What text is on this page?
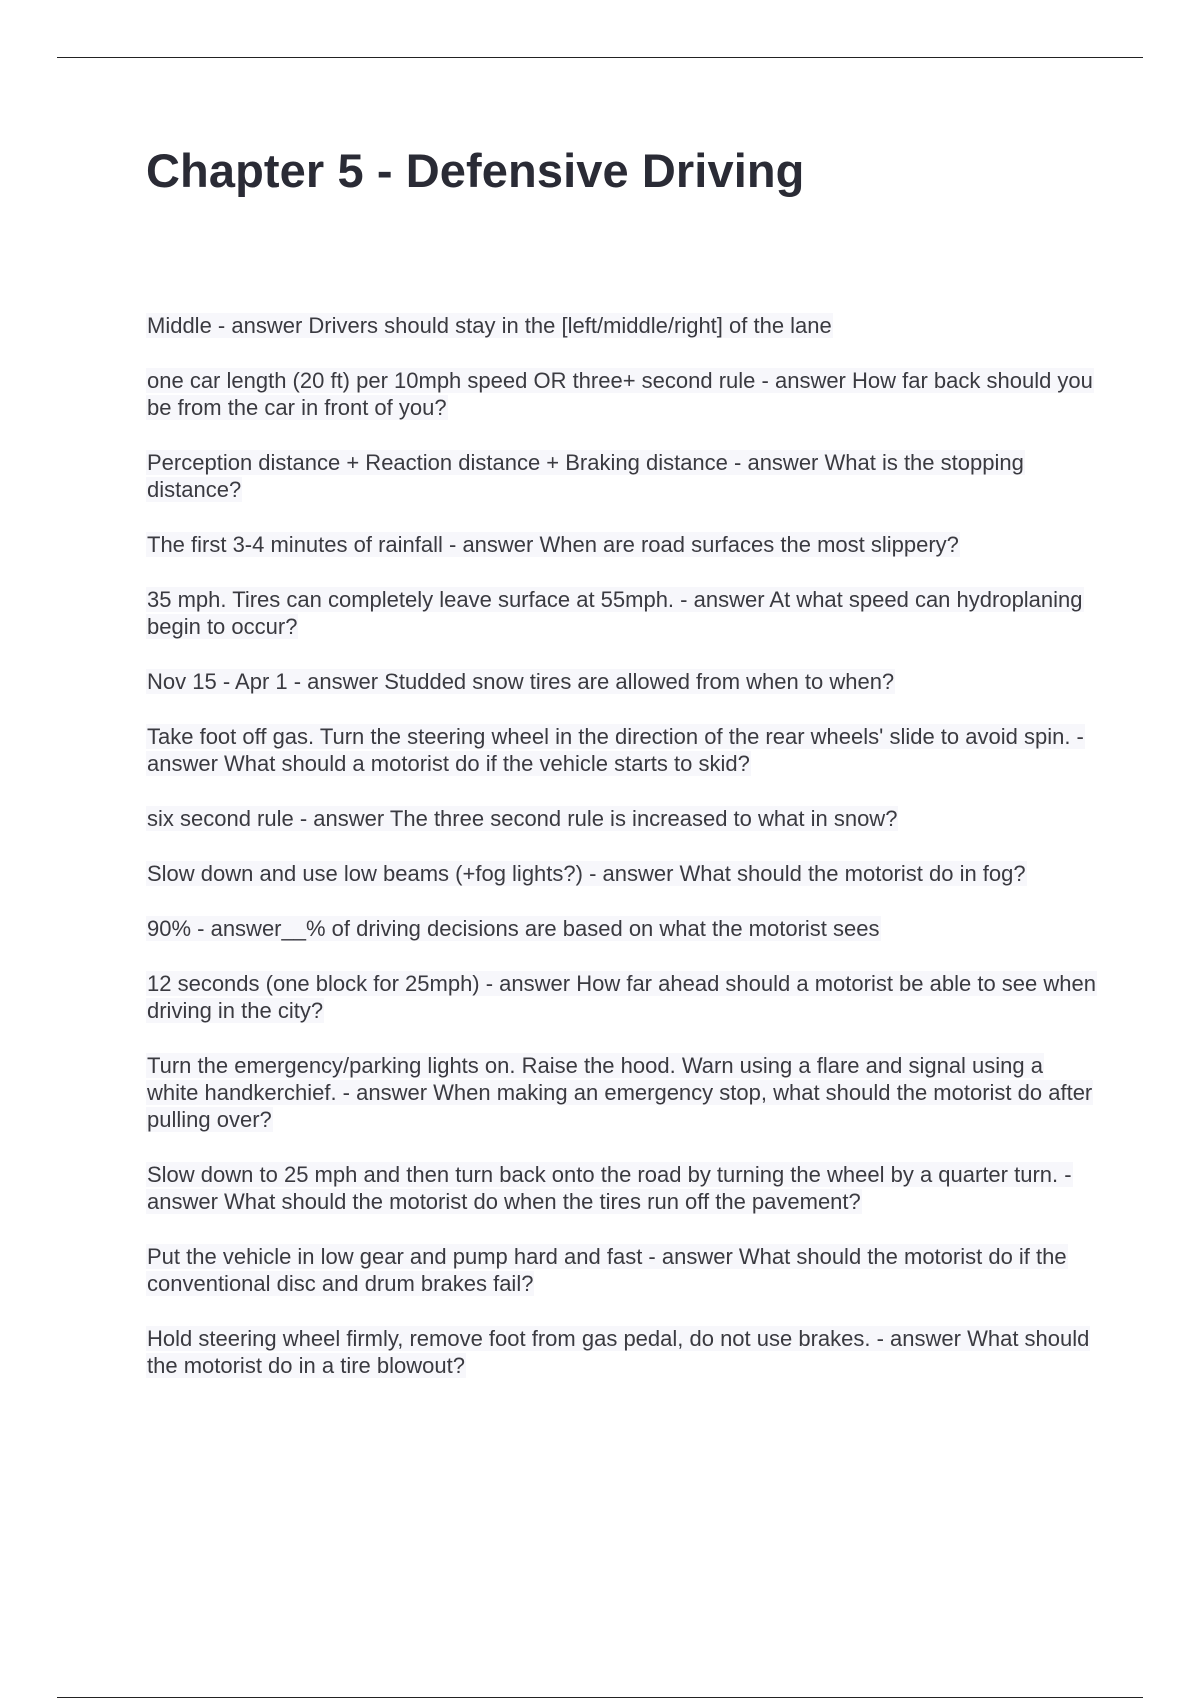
Chapter 5 - Defensive Driving
Middle - answer Drivers should stay in the [left/middle/right] of the lane
one car length (20 ft) per 10mph speed OR three+ second rule - answer How far back should you be from the car in front of you?
Perception distance + Reaction distance + Braking distance - answer What is the stopping distance?
The first 3-4 minutes of rainfall - answer When are road surfaces the most slippery?
35 mph. Tires can completely leave surface at 55mph. - answer At what speed can hydroplaning begin to occur?
Nov 15 - Apr 1 - answer Studded snow tires are allowed from when to when?
Take foot off gas. Turn the steering wheel in the direction of the rear wheels' slide to avoid spin. - answer What should a motorist do if the vehicle starts to skid?
six second rule - answer The three second rule is increased to what in snow?
Slow down and use low beams (+fog lights?) - answer What should the motorist do in fog?
90% - answer__% of driving decisions are based on what the motorist sees
12 seconds (one block for 25mph) - answer How far ahead should a motorist be able to see when driving in the city?
Turn the emergency/parking lights on. Raise the hood. Warn using a flare and signal using a white handkerchief. - answer When making an emergency stop, what should the motorist do after pulling over?
Slow down to 25 mph and then turn back onto the road by turning the wheel by a quarter turn. - answer What should the motorist do when the tires run off the pavement?
Put the vehicle in low gear and pump hard and fast - answer What should the motorist do if the conventional disc and drum brakes fail?
Hold steering wheel firmly, remove foot from gas pedal, do not use brakes. - answer What should the motorist do in a tire blowout?
